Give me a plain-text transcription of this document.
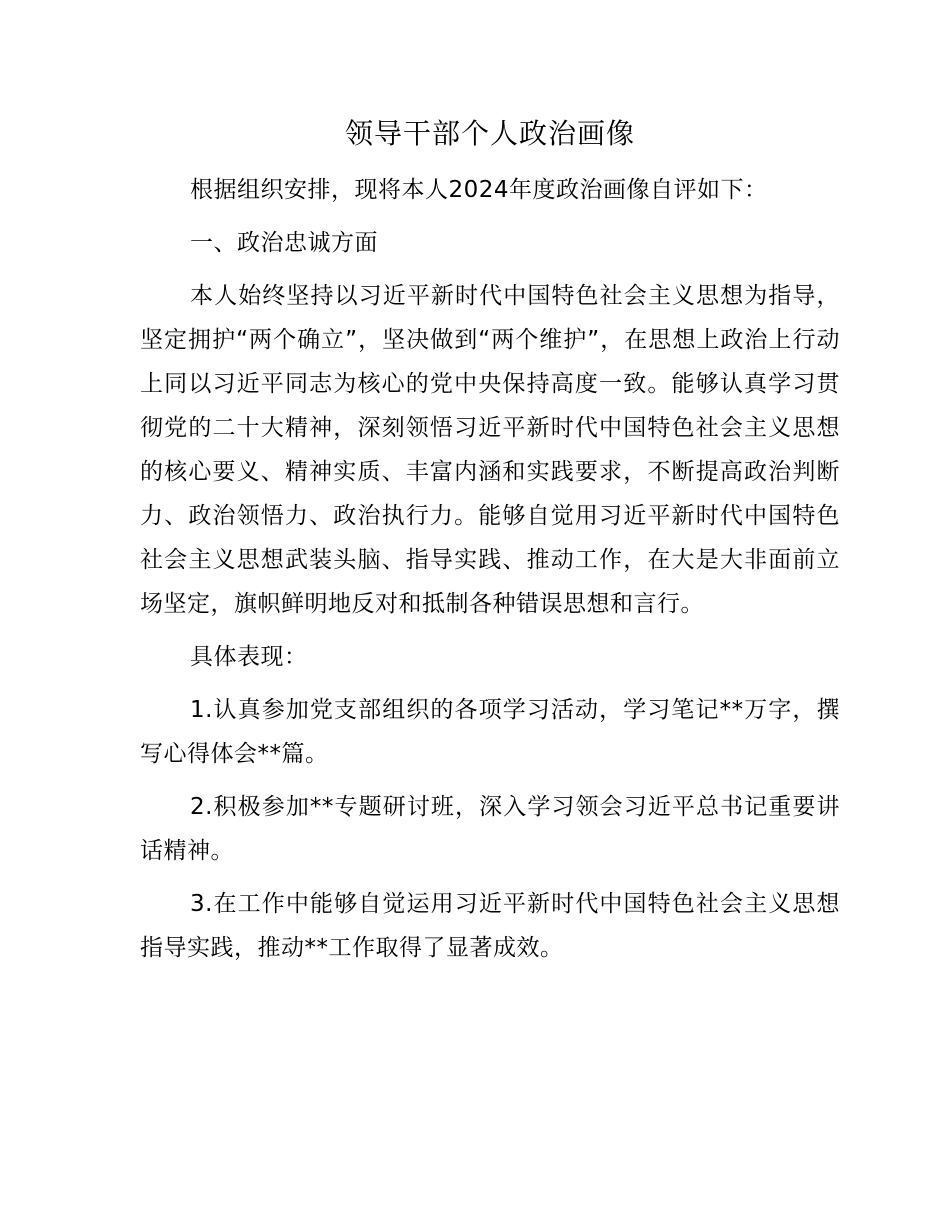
领导干部个人政治画像

根据组织安排，现将本人2024年度政治画像自评如下：

一、政治忠诚方面

本人始终坚持以习近平新时代中国特色社会主义思想为指导，坚定拥护“两个确立”，坚决做到“两个维护”，在思想上政治上行动上同以习近平同志为核心的党中央保持高度一致。能够认真学习贯彻党的二十大精神，深刻领悟习近平新时代中国特色社会主义思想的核心要义、精神实质、丰富内涵和实践要求，不断提高政治判断力、政治领悟力、政治执行力。能够自觉用习近平新时代中国特色社会主义思想武装头脑、指导实践、推动工作，在大是大非面前立场坚定，旗帜鲜明地反对和抵制各种错误思想和言行。

具体表现：

1.认真参加党支部组织的各项学习活动，学习笔记**万字，撰写心得体会**篇。

2.积极参加**专题研讨班，深入学习领会习近平总书记重要讲话精神。

3.在工作中能够自觉运用习近平新时代中国特色社会主义思想指导实践，推动**工作取得了显著成效。
